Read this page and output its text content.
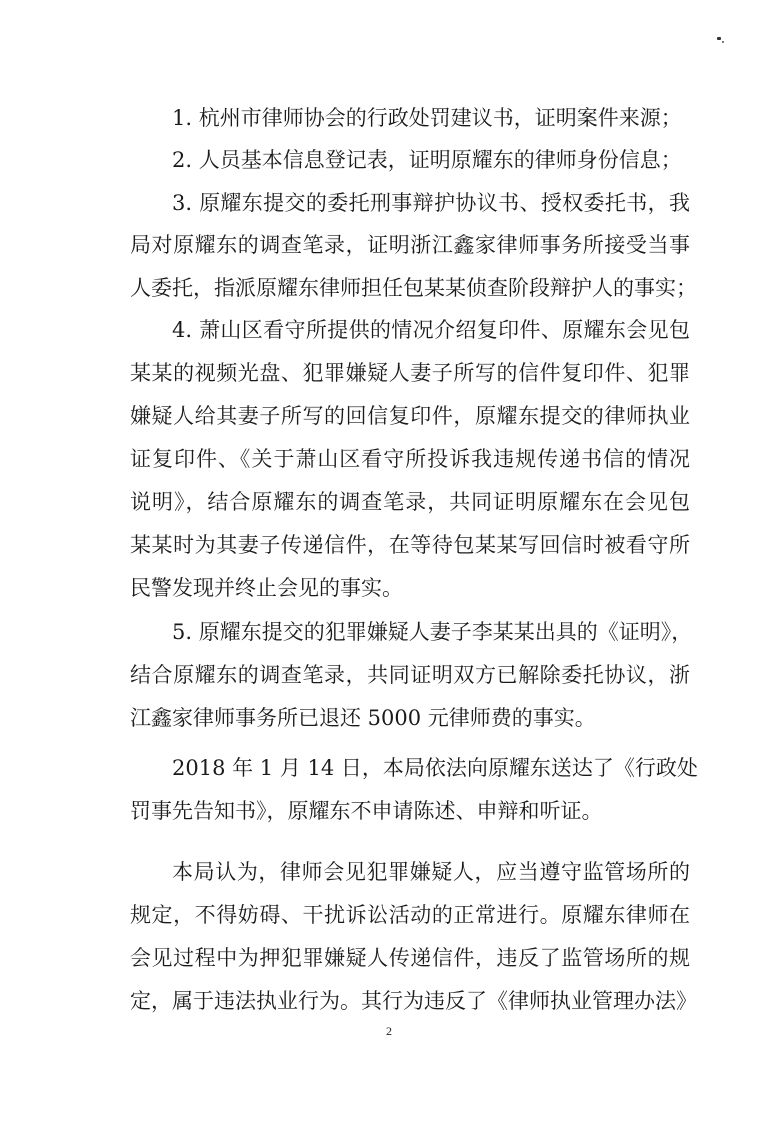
1. 杭州市律师协会的行政处罚建议书，证明案件来源；
2. 人员基本信息登记表，证明原耀东的律师身份信息；
3. 原耀东提交的委托刑事辩护协议书、授权委托书，我
局对原耀东的调查笔录，证明浙江鑫家律师事务所接受当事
人委托，指派原耀东律师担任包某某侦查阶段辩护人的事实；
4. 萧山区看守所提供的情况介绍复印件、原耀东会见包
某某的视频光盘、犯罪嫌疑人妻子所写的信件复印件、犯罪
嫌疑人给其妻子所写的回信复印件，原耀东提交的律师执业
证复印件、《关于萧山区看守所投诉我违规传递书信的情况
说明》，结合原耀东的调查笔录，共同证明原耀东在会见包
某某时为其妻子传递信件，在等待包某某写回信时被看守所
民警发现并终止会见的事实。
5. 原耀东提交的犯罪嫌疑人妻子李某某出具的《证明》，
结合原耀东的调查笔录，共同证明双方已解除委托协议，浙
江鑫家律师事务所已退还 5000 元律师费的事实。
2018 年 1 月 14 日，本局依法向原耀东送达了《行政处
罚事先告知书》，原耀东不申请陈述、申辩和听证。
本局认为，律师会见犯罪嫌疑人，应当遵守监管场所的
规定，不得妨碍、干扰诉讼活动的正常进行。原耀东律师在
会见过程中为押犯罪嫌疑人传递信件，违反了监管场所的规
定，属于违法执业行为。其行为违反了《律师执业管理办法》
2
